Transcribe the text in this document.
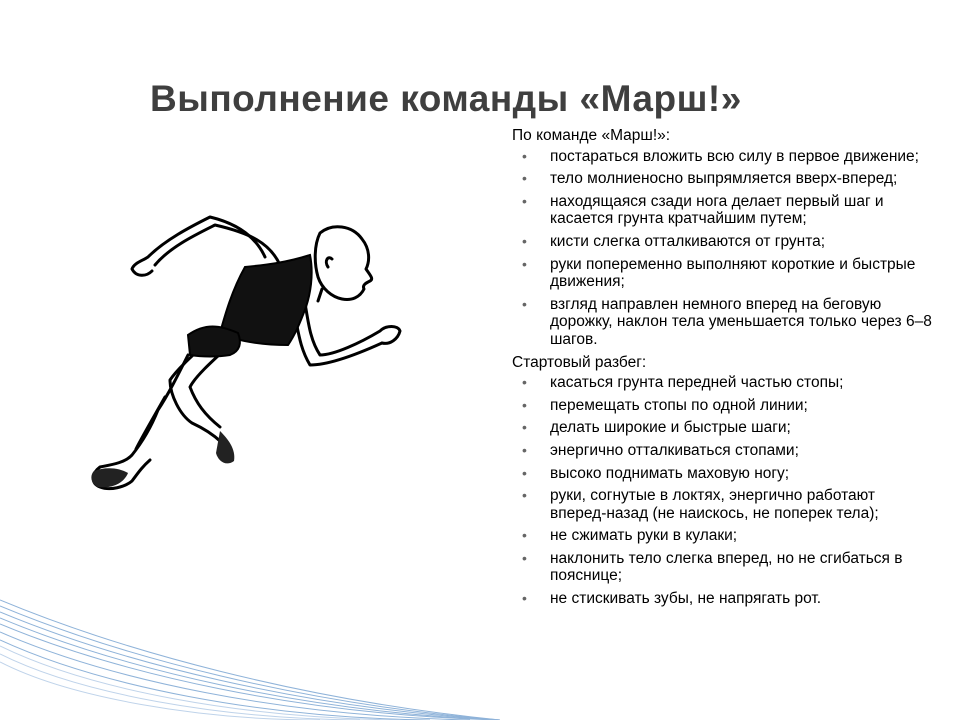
Выполнение команды «Марш!»
По команде «Марш!»:
• постараться вложить всю силу в первое движение;
• тело молниеносно выпрямляется вверх-вперед;
• находящаяся сзади нога делает первый шаг и касается грунта кратчайшим путем;
• кисти слегка отталкиваются от грунта;
• руки попеременно выполняют короткие и быстрые движения;
• взгляд направлен немного вперед на беговую дорожку, наклон тела уменьшается только через 6–8 шагов.
Стартовый разбег:
• касаться грунта передней частью стопы;
• перемещать стопы по одной линии;
• делать широкие и быстрые шаги;
• энергично отталкиваться стопами;
• высоко поднимать маховую ногу;
• руки, согнутые в локтях, энергично работают вперед-назад (не наискось, не поперек тела);
• не сжимать руки в кулаки;
• наклонить тело слегка вперед, но не сгибаться в пояснице;
• не стискивать зубы, не напрягать рот.
